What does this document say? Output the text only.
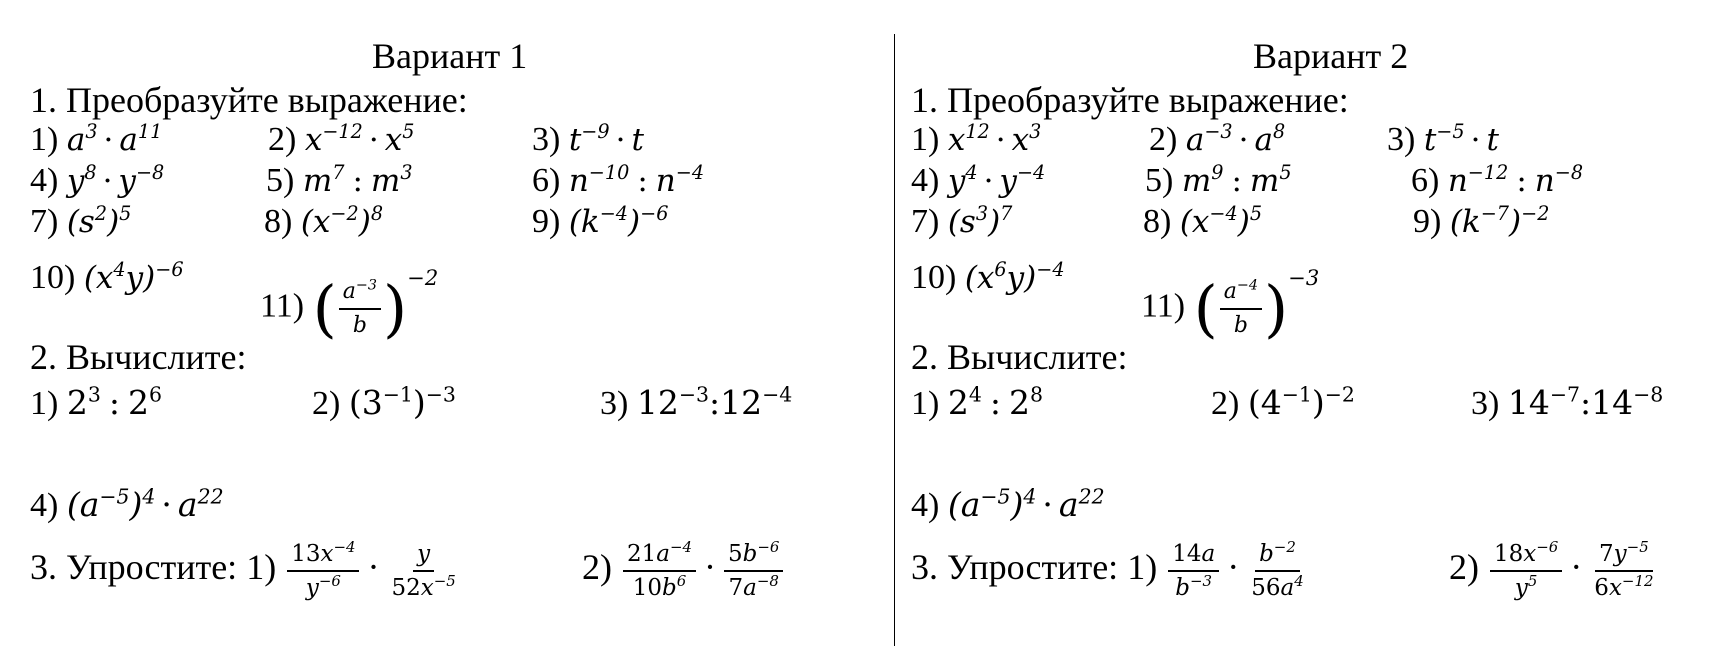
Вариант 1
1. Преобразуйте выражение:
1) $a^3 \cdot a^{11}$	2) $x^{-12} \cdot x^5$	3) $t^{-9} \cdot t$
4) $y^8 \cdot y^{-8}$	5) $m^7$ : $m^3$	6) $n^{-10}$ : $n^{-4}$
7) $(s^2)^5$	8) $(x^{-2})^8$	9) $(k^{-4})^{-6}$
10) $(x^4y)^{-6}$
11) ( $\frac{a^{-3}}{b} )^{-2}$
2. Вычислите:
1) $2^3$ : $2^6$	2) $(3^{-1})^{-3}$	3) $12^{-3}:12^{-4}$
4) $(a^{-5})^4 \cdot a^{22}$
3. Упростите: $1) \frac{13x^{-4}}{y^{-6}} \cdot \frac{y}{52x^{-5}}$	$2) \frac{21a^{-4}}{10b^6} \cdot \frac{5b^{-6}}{7a^{-8}}$
Вариант 2
1. Преобразуйте выражение:
1) $x^{12} \cdot x^3$	2) $a^{-3} \cdot a^8$	3) $t^{-5} \cdot t$
4) $y^4 \cdot y^{-4}$	5) $m^9$ : $m^5$	6) $n^{-12}$ : $n^{-8}$
7) $(s^3)^7$	8) $(x^{-4})^5$	9) $(k^{-7})^{-2}$
10) $(x^6y)^{-4}$
11) ( $\frac{a^{-4}}{b} )^{-3}$
2. Вычислите:
1) $2^4$ : $2^8$	2) $(4^{-1})^{-2}$	3) $14^{-7}:14^{-8}$
4) $(a^{-5})^4 \cdot a^{22}$
3. Упростите: $1) \frac{14a}{b^{-3}} \cdot \frac{b^{-2}}{56a^4}$	$2) \frac{18x^{-6}}{y^5} \cdot \frac{7y^{-5}}{6x^{-12}}$
